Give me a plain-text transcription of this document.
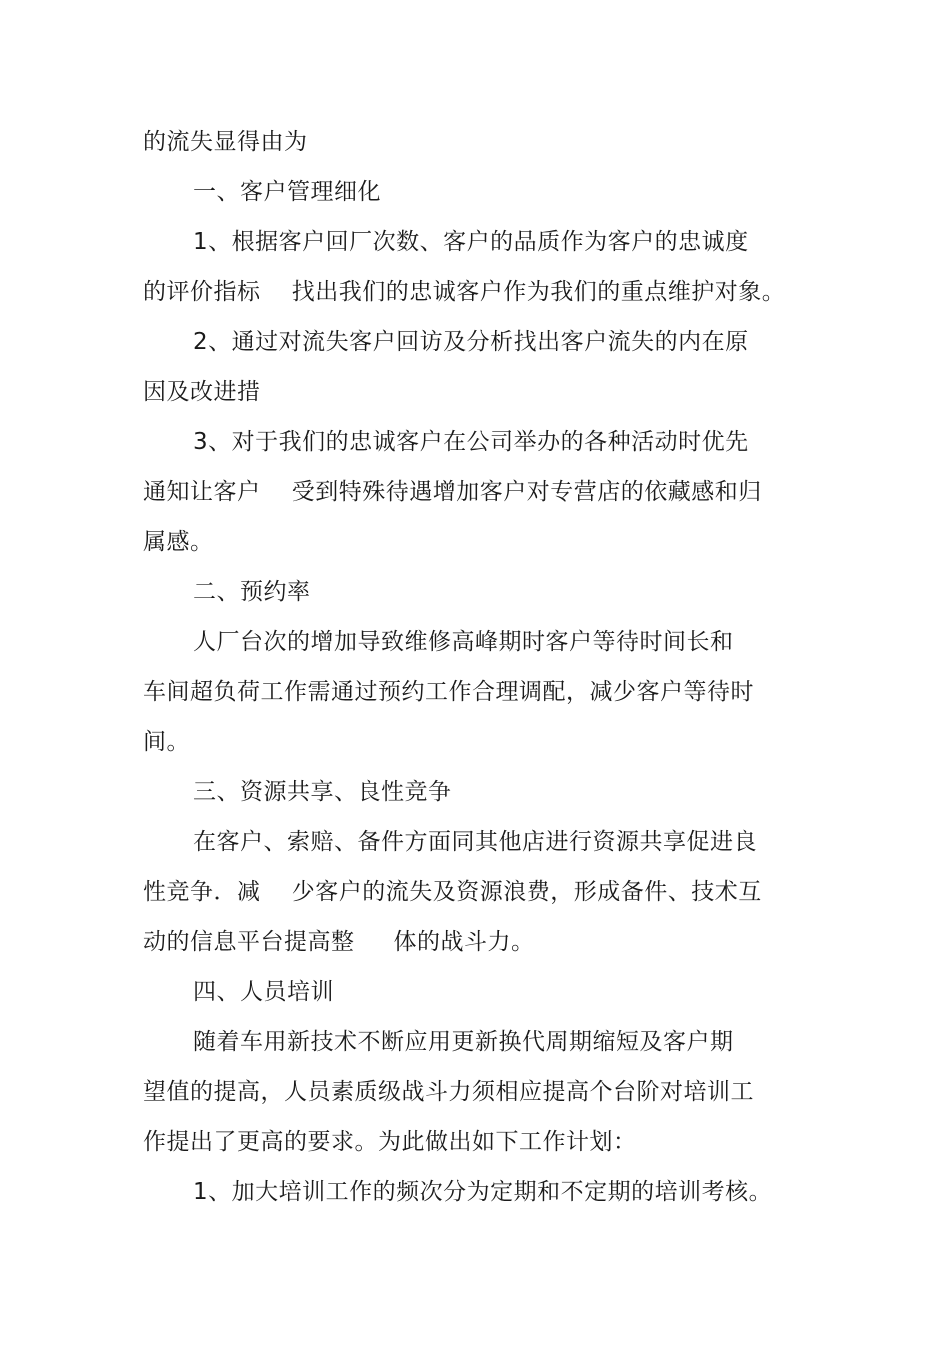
的流失显得由为
一、客户管理细化
1、根据客户回厂次数、客户的品质作为客户的忠诚度
的评价指标    找出我们的忠诚客户作为我们的重点维护对象。
2、通过对流失客户回访及分析找出客户流失的内在原
因及改进措
3、对于我们的忠诚客户在公司举办的各种活动时优先
通知让客户    受到特殊待遇增加客户对专营店的依藏感和归
属感。
二、预约率
人厂台次的增加导致维修高峰期时客户等待时间长和
车间超负荷工作需通过预约工作合理调配，减少客户等待时
间。
三、资源共享、良性竞争
在客户、索赔、备件方面同其他店进行资源共享促进良
性竞争．减    少客户的流失及资源浪费，形成备件、技术互
动的信息平台提高整     体的战斗力。
四、人员培训
随着车用新技术不断应用更新换代周期缩短及客户期
望值的提高，人员素质级战斗力须相应提高个台阶对培训工
作提出了更高的要求。为此做出如下工作计划：
1、加大培训工作的频次分为定期和不定期的培训考核。
